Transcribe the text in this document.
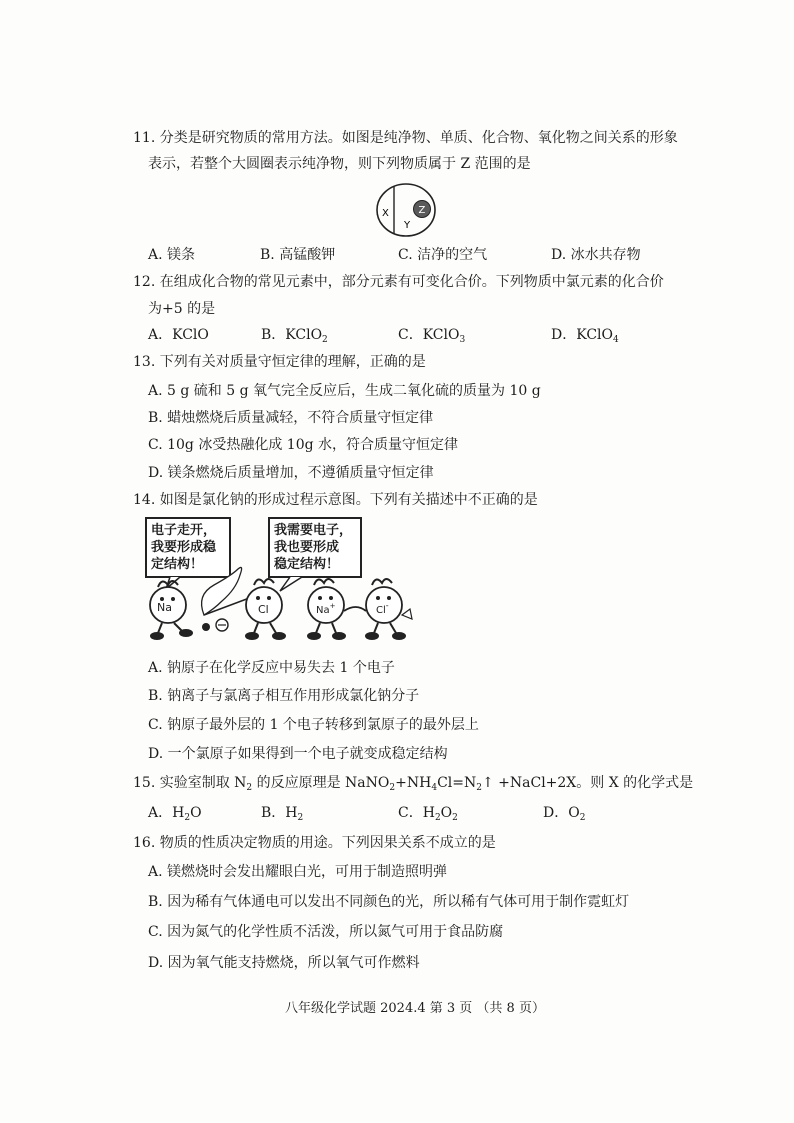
11. 分类是研究物质的常用方法。如图是纯净物、单质、化合物、氧化物之间关系的形象
表示，若整个大圆圈表示纯净物，则下列物质属于 Z 范围的是
X
Y
Z
A. 镁条	B. 高锰酸钾	C. 洁净的空气	D. 冰水共存物
12. 在组成化合物的常见元素中，部分元素有可变化合价。下列物质中氯元素的化合价
为+5 的是
A．KClO	B．KClO$_2$	C．KClO$_3$	D．KClO$_4$
13. 下列有关对质量守恒定律的理解，正确的是
A. 5 g 硫和 5 g 氧气完全反应后，生成二氧化硫的质量为 10 g
B. 蜡烛燃烧后质量减轻，不符合质量守恒定律
C. 10g 冰受热融化成 10g 水，符合质量守恒定律
D. 镁条燃烧后质量增加，不遵循质量守恒定律
14. 如图是氯化钠的形成过程示意图。下列有关描述中不正确的是
电子走开，
我要形成稳
定结构！
我需要电子，
我也要形成
稳定结构！
Na	Cl	Na+	Cl-
A. 钠原子在化学反应中易失去 1 个电子
B. 钠离子与氯离子相互作用形成氯化钠分子
C. 钠原子最外层的 1 个电子转移到氯原子的最外层上
D. 一个氯原子如果得到一个电子就变成稳定结构
15. 实验室制取 $N_2$ 的反应原理是 $NaNO_2+NH_4Cl=N_2↑$ +NaCl+2X。则 X 的化学式是
A．$H_2O$	B．$H_2$	C．$H_2O_2$	D．$O_2$
16. 物质的性质决定物质的用途。下列因果关系不成立的是
A. 镁燃烧时会发出耀眼白光，可用于制造照明弹
B. 因为稀有气体通电可以发出不同颜色的光，所以稀有气体可用于制作霓虹灯
C. 因为氮气的化学性质不活泼，所以氮气可用于食品防腐
D. 因为氧气能支持燃烧，所以氧气可作燃料
八年级化学试题 2024.4 第 3 页 （共 8 页）
